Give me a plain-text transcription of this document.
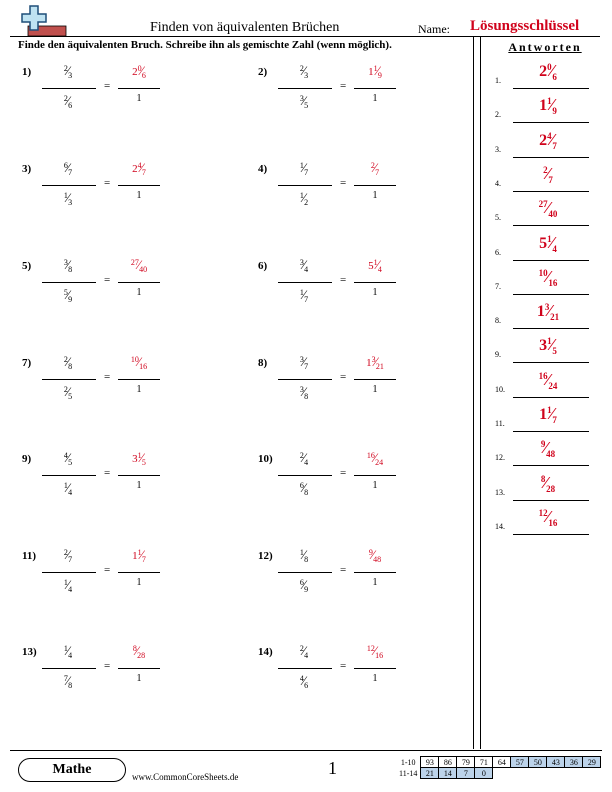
Finden von äquivalenten Brüchen	Name: Lösungsschlüssel
Finde den äquivalenten Bruch. Schreibe ihn als gemischte Zahl (wenn möglich).
1)	$^2⁄_3$
$^2⁄_6$
=
$2^0⁄_6$
1
2)	$^2⁄_3$
$^3⁄_5$
=
$1^1⁄_9$
1
3)	$^6⁄_7$
$^1⁄_3$
=
$2^4⁄_7$
1
4)	$^1⁄_7$
$^1⁄_2$
=
$^2⁄_7$
1
5)	$^3⁄_8$
$^5⁄_9$
=
$^{27}⁄_{40}$
1
6)	$^3⁄_4$
$^1⁄_7$
=
$5^1⁄_4$
1
7)	$^2⁄_8$
$^2⁄_5$
=
$^{10}⁄_{16}$
1
8)	$^3⁄_7$
$^3⁄_8$
=
$1^3⁄_{21}$
1
9)	$^4⁄_5$
$^1⁄_4$
=
$3^1⁄_5$
1
10)	$^2⁄_4$
$^6⁄_8$
=
$^{16}⁄_{24}$
1
11)	$^2⁄_7$
$^1⁄_4$
=
$1^1⁄_7$
1
12)	$^1⁄_8$
$^6⁄_9$
=
$^9⁄_{48}$
1
13)	$^1⁄_4$
$^7⁄_8$
=
$^8⁄_{28}$
1
14)	$^2⁄_4$
$^4⁄_6$
=
$^{12}⁄_{16}$
1
Antworten
1.
$2^0⁄_6$
2.
$1^1⁄_9$
3.
$2^4⁄_7$
4.
$^2⁄_7$
5.
$^{27}⁄_{40}$
6.
$5^1⁄_4$
7.
$^{10}⁄_{16}$
8.
$1^3⁄_{21}$
9.
$3^1⁄_5$
10.
$^{16}⁄_{24}$
11.
$1^1⁄_7$
12.
$^9⁄_{48}$
13.
$^8⁄_{28}$
14.
$^{12}⁄_{16}$
Mathe	www.CommonCoreSheets.de	1	1-10	93	86	79	71	64	57	50	43	36	29
11-14	21	14	7	0						
